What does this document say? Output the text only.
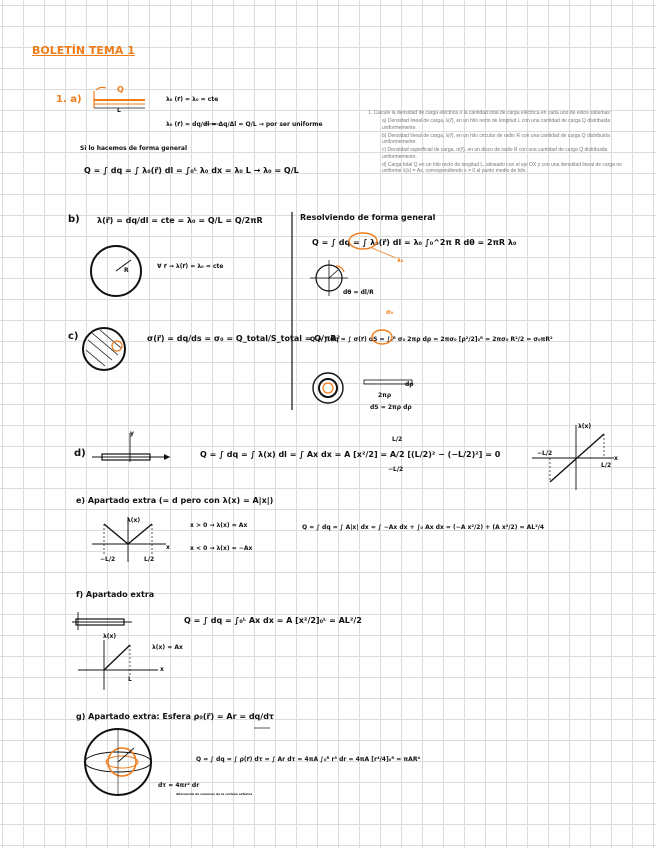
BOLETÍN TEMA 1

1. Calcule la densidad de carga eléctrica o la cantidad total de carga eléctrica en cada uno de estos sistemas:

a) Densidad lineal de carga, λ(r⃗), en un hilo recto de longitud L con una cantidad de carga Q distribuida uniformemente.

b) Densidad lineal de carga, λ(r⃗), en un hilo circular de radio R con una cantidad de carga Q distribuida uniformemente.

c) Densidad superficial de carga, σ(r⃗), en un disco de radio R con una cantidad de carga Q distribuida uniformemente.

d) Carga total Q en un hilo recto de longitud L, alineado con el eje OX y con una densidad lineal de carga no uniforme λ(x) = Ax, correspondiendo x = 0 al punto medio de hilo.

1. a)
Q
L
λ₀ (r⃗) = λ₀ = cte
λ₀ (r⃗) = dq/dl = Δq/Δl = Q/L → por ser uniforme
Si lo hacemos de forma general
Q = ∫ dq = ∫ λ₀(r⃗) dl = ∫₀ᴸ λ₀ dx = λ₀ L → λ₀ = Q/L
b) λ(r⃗) = dq/dl = cte = λ₀ = Q/L = Q/2πR
R
∀ r⃗ → λ(r⃗) = λ₀ = cte
Resolviendo de forma general
Q = ∫ dq = ∫ λ₀(r⃗) dl = λ₀ ∫₀^2π R dθ = 2πR λ₀
λ₀
dθ = dl/R
c)	σ(r⃗) = dq/ds = σ₀ = Q_total/S_total = Q/πR²
σ₀
Q = ∫ dq = ∫ σ(r⃗) dS = ∫₀ᴿ σ₀ 2πρ dρ = 2πσ₀ [ρ²/2]₀ᴿ = 2πσ₀ R²/2 = σ₀πR²
dρ
2πρ
dS = 2πρ dρ
d)
y
Q = ∫ dq = ∫ λ(x) dl = ∫ Ax dx = A [x²/2] = A/2 [(L/2)² − (−L/2)²] = 0
L/2
−L/2
λ(x)
x
−L/2
L/2
e) Apartado extra (= d pero con λ(x) = A|x|)
λ(x)
x
−L/2	L/2
x > 0 → λ(x) = Ax
x < 0 → λ(x) = −Ax
Q = ∫ dq = ∫ A|x| dx = ∫ −Ax dx + ∫₀ Ax dx = (−A x²/2) + (A x²/2) = AL²/4
f) Apartado extra
Q = ∫ dq = ∫₀ᴸ Ax dx = A [x²/2]₀ᴸ = AL²/2
λ(x) = Ax
λ(x)
x
L
g) Apartado extra: Esfera ρ₀(r⃗) = Ar = dq/dτ
Q = ∫ dq = ∫ ρ(r⃗) dτ = ∫ Ar dτ = 4πA ∫₀ᴿ r³ dr = 4πA [r⁴/4]₀ᴿ = πAR⁴
dτ = 4πr² dr
diferencial de volumen de la corteza esférica
